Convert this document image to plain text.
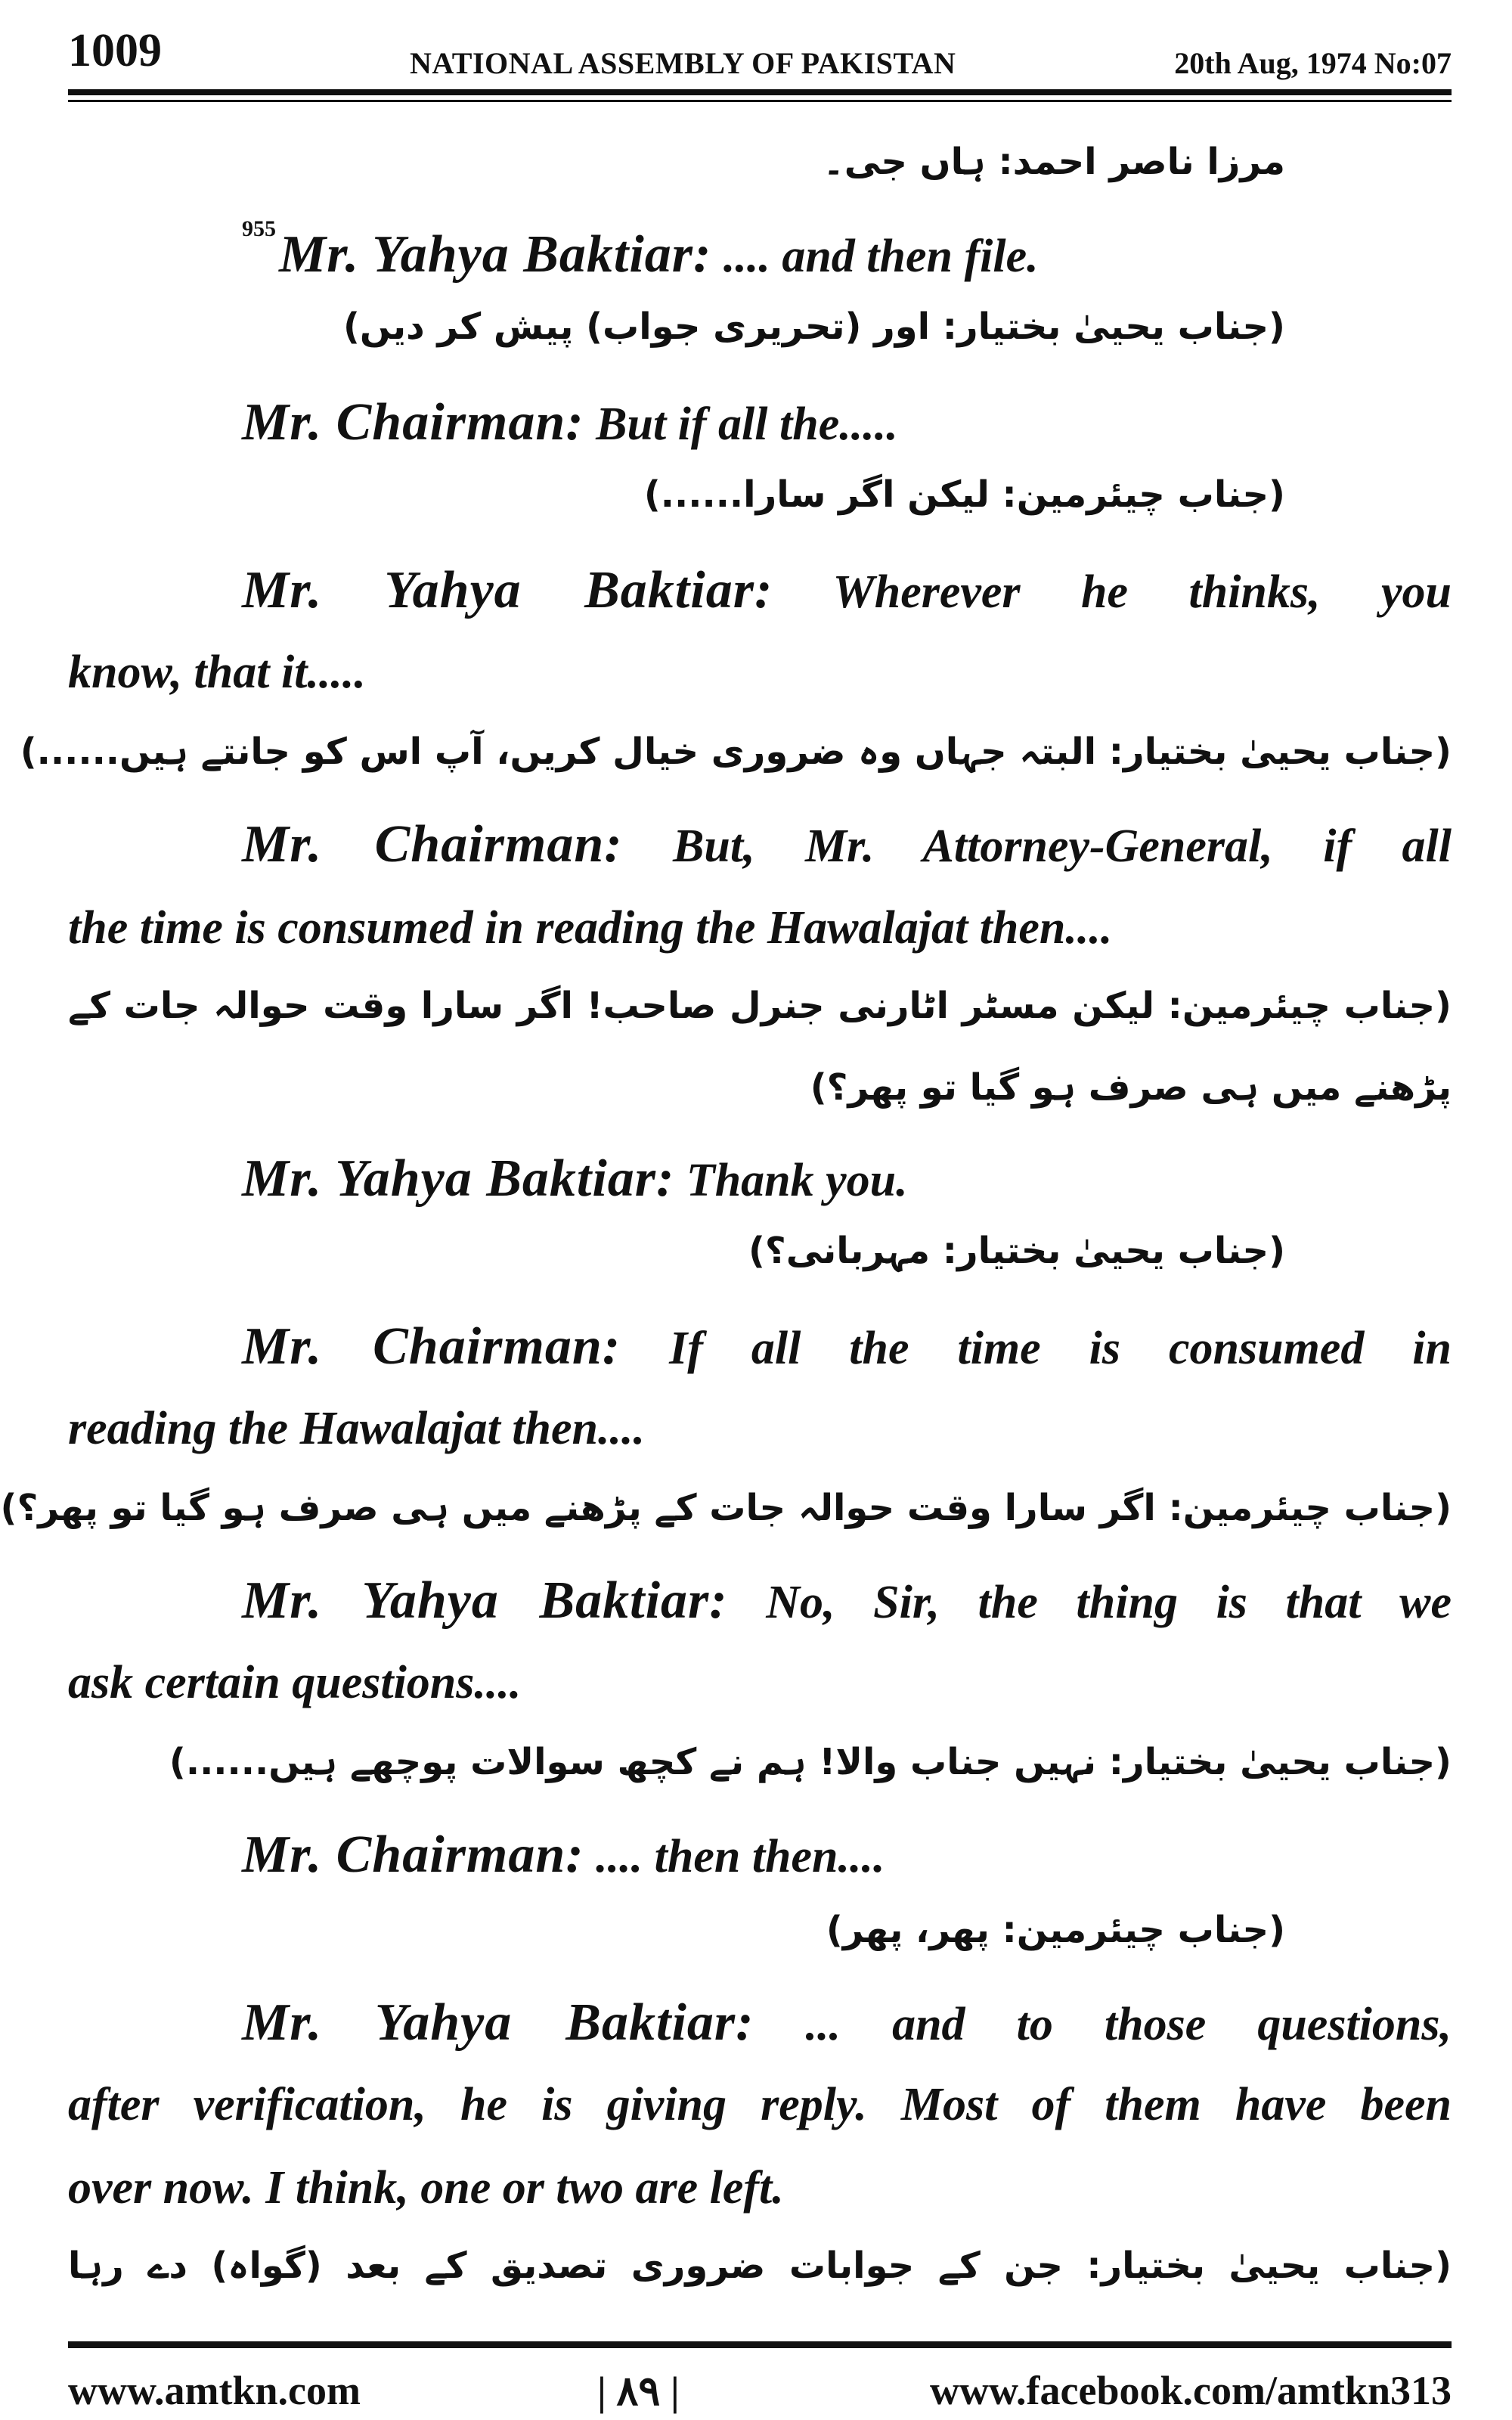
1009	NATIONAL ASSEMBLY OF PAKISTAN	20th Aug, 1974 No:07
مرزا ناصر احمد: ہاں جی۔
$^{955}$Mr. Yahya Baktiar: .... and then file.
(جناب یحییٰ بختیار: اور (تحریری جواب) پیش کر دیں)
Mr. Chairman: But if all the.....
(جناب چیئرمین: لیکن اگر سارا......)
Mr. Yahya Baktiar: Wherever he thinks, you
know, that it.....
(جناب یحییٰ بختیار: البتہ جہاں وہ ضروری خیال کریں، آپ اس کو جانتے ہیں......)
Mr. Chairman: But, Mr. Attorney-General, if all
the time is consumed in reading the Hawalajat then....
(جناب چیئرمین: لیکن مسٹر اٹارنی جنرل صاحب! اگر سارا وقت حوالہ جات کے
پڑھنے میں ہی صرف ہو گیا تو پھر؟)
Mr. Yahya Baktiar: Thank you.
(جناب یحییٰ بختیار: مہربانی؟)
Mr. Chairman: If all the time is consumed in
reading the Hawalajat then....
(جناب چیئرمین: اگر سارا وقت حوالہ جات کے پڑھنے میں ہی صرف ہو گیا تو پھر؟)
Mr. Yahya Baktiar: No, Sir, the thing is that we
ask certain questions....
(جناب یحییٰ بختیار: نہیں جناب والا! ہم نے کچھ سوالات پوچھے ہیں......)
Mr. Chairman: .... then then....
(جناب چیئرمین: پھر، پھر)
Mr. Yahya Baktiar: ... and to those questions,
after verification, he is giving reply. Most of them have been
over now. I think, one or two are left.
(جناب یحییٰ بختیار: جن کے جوابات ضروری تصدیق کے بعد (گواہ) دے رہا
www.amtkn.com	| ٨٩ |	www.facebook.com/amtkn313
